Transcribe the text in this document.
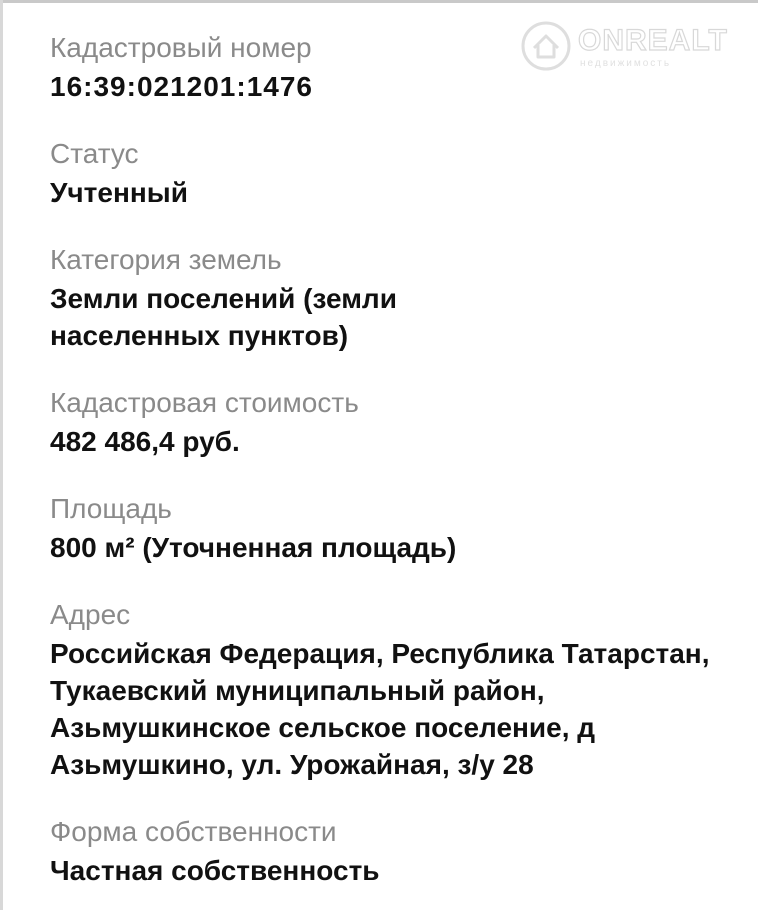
ONREALT
недвижимость
Кадастровый номер
16:39:021201:1476
Статус
Учтенный
Категория земель
Земли поселений (земли населенных пунктов)
Кадастровая стоимость
482 486,4 руб.
Площадь
800 м² (Уточненная площадь)
Адрес
Российская Федерация, Республика Татарстан, Тукаевский муниципальный район, Азьмушкинское сельское поселение, д Азьмушкино, ул. Урожайная, з/у 28
Форма собственности
Частная собственность
